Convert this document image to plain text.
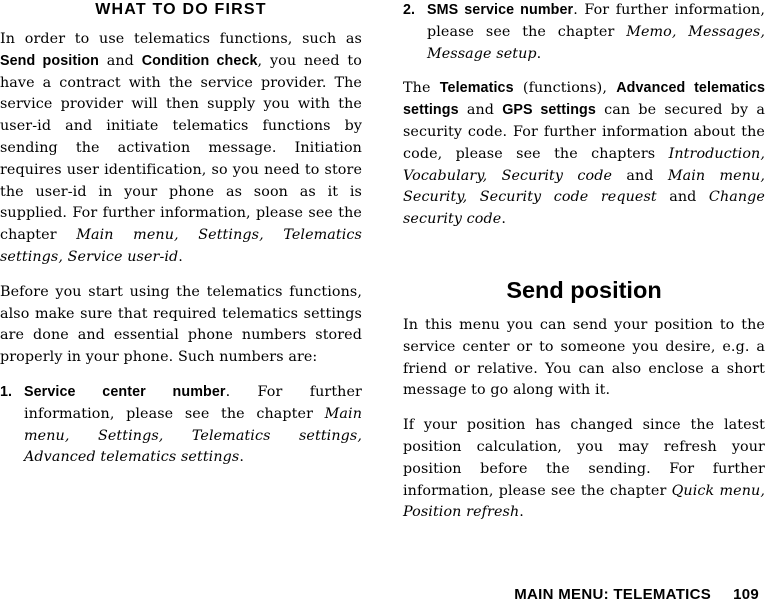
WHAT TO DO FIRST

In order to use telematics functions, such as Send position and Condition check, you need to have a contract with the service provider. The service provider will then supply you with the user-id and initiate telematics functions by sending the activation message. Initiation requires user identification, so you need to store the user-id in your phone as soon as it is supplied. For further information, please see the chapter Main menu, Settings, Telematics settings, Service user-id.

Before you start using the telematics functions, also make sure that required telematics settings are done and essential phone numbers stored properly in your phone. Such numbers are:

1. Service center number. For further information, please see the chapter Main menu, Settings, Telematics settings, Advanced telematics settings.

2. SMS service number. For further information, please see the chapter Memo, Messages, Message setup.

The Telematics (functions), Advanced telematics settings and GPS settings can be secured by a security code. For further information about the code, please see the chapters Introduction, Vocabulary, Security code and Main menu, Security, Security code request and Change security code.

Send position

In this menu you can send your position to the service center or to someone you desire, e.g. a friend or relative. You can also enclose a short message to go along with it.

If your position has changed since the latest position calculation, you may refresh your position before the sending. For further information, please see the chapter Quick menu, Position refresh.

MAIN MENU: TELEMATICS 109
